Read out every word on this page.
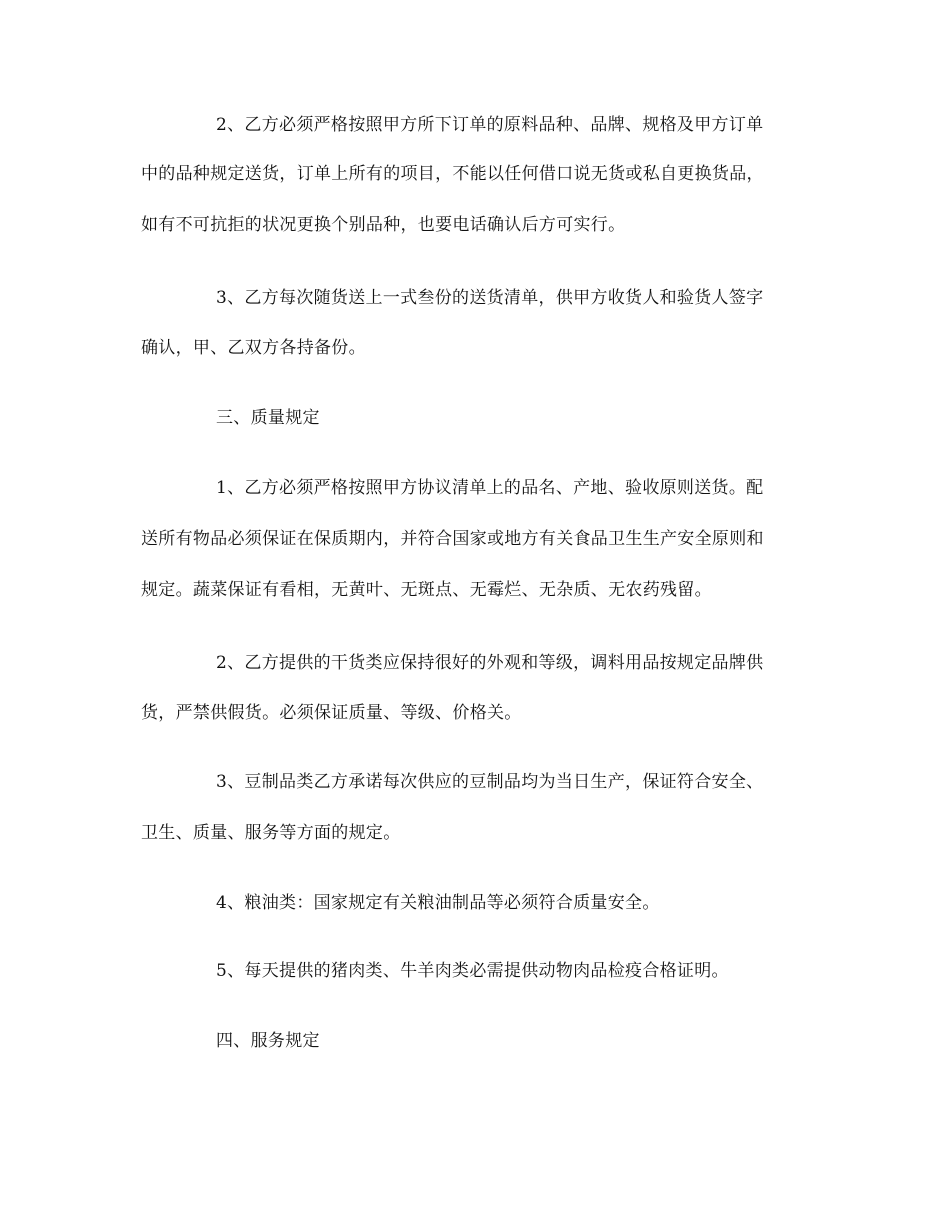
2、乙方必须严格按照甲方所下订单的原料品种、品牌、规格及甲方订单
中的品种规定送货，订单上所有的项目，不能以任何借口说无货或私自更换货品，
如有不可抗拒的状况更换个别品种，也要电话确认后方可实行。
3、乙方每次随货送上一式叁份的送货清单，供甲方收货人和验货人签字
确认，甲、乙双方各持备份。
三、质量规定
1、乙方必须严格按照甲方协议清单上的品名、产地、验收原则送货。配
送所有物品必须保证在保质期内，并符合国家或地方有关食品卫生生产安全原则和
规定。蔬菜保证有看相，无黄叶、无斑点、无霉烂、无杂质、无农药残留。
2、乙方提供的干货类应保持很好的外观和等级，调料用品按规定品牌供
货，严禁供假货。必须保证质量、等级、价格关。
3、豆制品类乙方承诺每次供应的豆制品均为当日生产，保证符合安全、
卫生、质量、服务等方面的规定。
4、粮油类：国家规定有关粮油制品等必须符合质量安全。
5、每天提供的猪肉类、牛羊肉类必需提供动物肉品检疫合格证明。
四、服务规定
